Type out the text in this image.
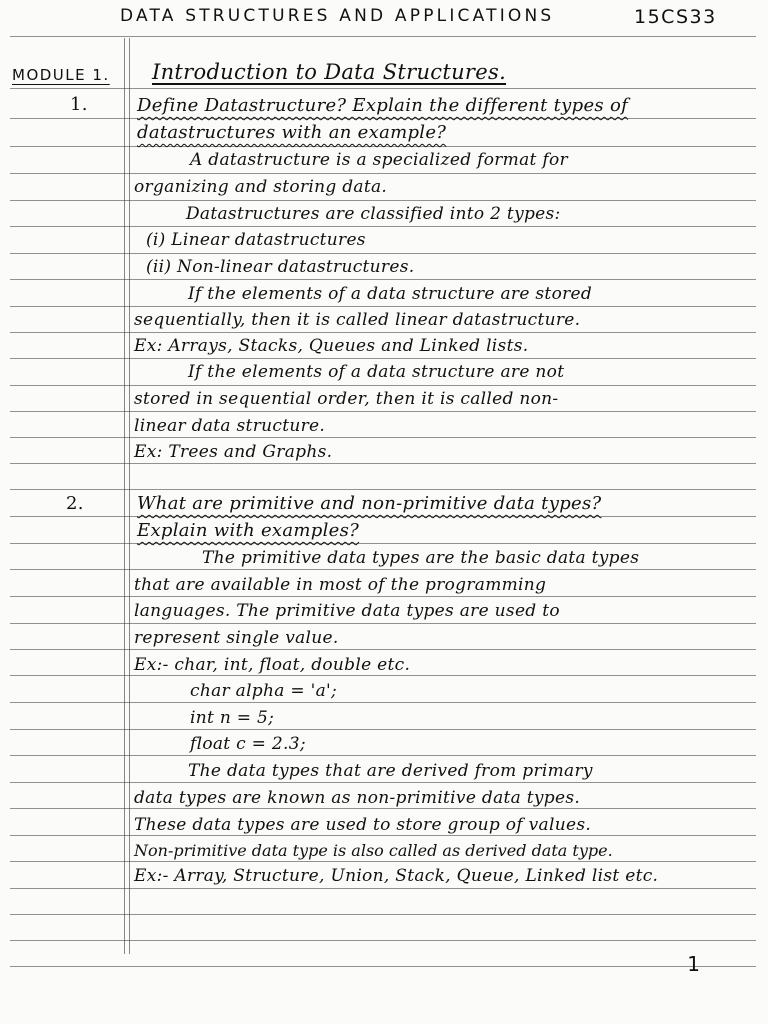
DATA STRUCTURES AND APPLICATIONS	15CS33
MODULE 1. Introduction to Data Structures.
1.	Define Datastructure? Explain the different types of
datastructures with an example?
A datastructure is a specialized format for
organizing and storing data.
Datastructures are classified into 2 types:
(i) Linear datastructures
(ii) Non-linear datastructures.
If the elements of a data structure are stored
sequentially, then it is called linear datastructure.
Ex: Arrays, Stacks, Queues and Linked lists.
If the elements of a data structure are not
stored in sequential order, then it is called non-
linear data structure.
Ex: Trees and Graphs.
2.	What are primitive and non-primitive data types?
Explain with examples?
The primitive data types are the basic data types
that are available in most of the programming
languages. The primitive data types are used to
represent single value.
Ex:- char, int, float, double etc.
char alpha = 'a';
int n = 5;
float c = 2.3;
The data types that are derived from primary
data types are known as non-primitive data types.
These data types are used to store group of values.
Non-primitive data type is also called as derived data type.
Ex:- Array, Structure, Union, Stack, Queue, Linked list etc.
1
